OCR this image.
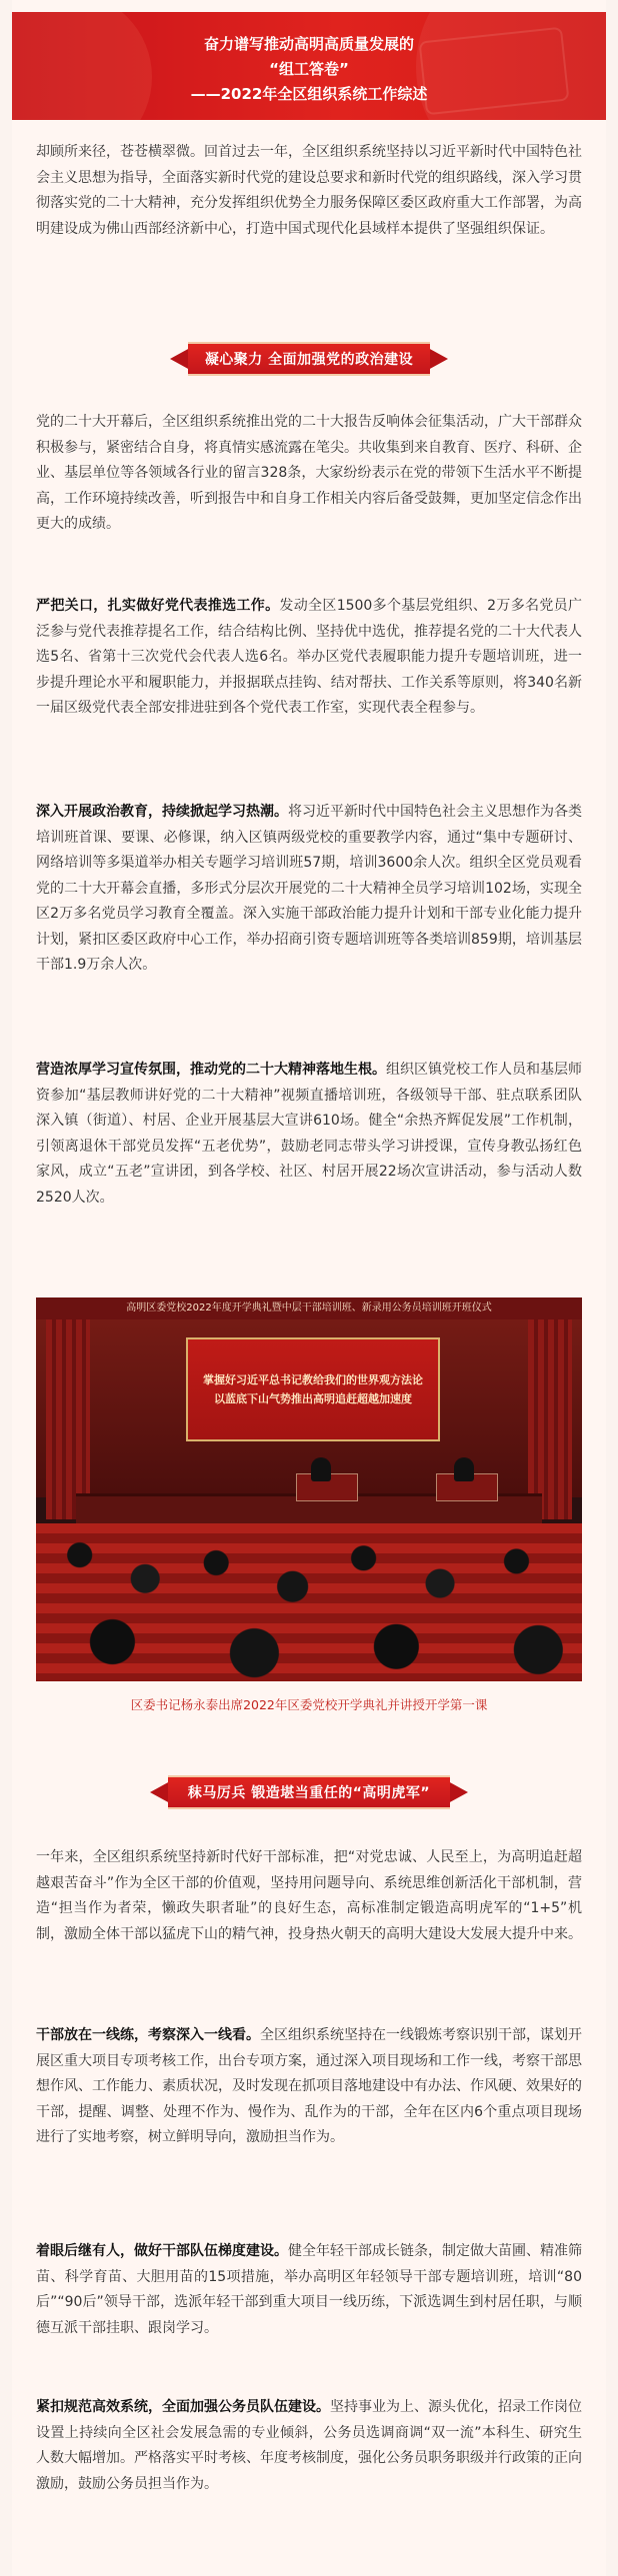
奋力谱写推动高明高质量发展的
“组工答卷”
——2022年全区组织系统工作综述

却顾所来径，苍苍横翠微。回首过去一年，全区组织系统坚持以习近平新时代中国特色社会主义思想为指导，全面落实新时代党的建设总要求和新时代党的组织路线，深入学习贯彻落实党的二十大精神，充分发挥组织优势全力服务保障区委区政府重大工作部署，为高明建设成为佛山西部经济新中心，打造中国式现代化县域样本提供了坚强组织保证。

凝心聚力 全面加强党的政治建设

党的二十大开幕后，全区组织系统推出党的二十大报告反响体会征集活动，广大干部群众积极参与，紧密结合自身，将真情实感流露在笔尖。共收集到来自教育、医疗、科研、企业、基层单位等各领域各行业的留言328条，大家纷纷表示在党的带领下生活水平不断提高，工作环境持续改善，听到报告中和自身工作相关内容后备受鼓舞，更加坚定信念作出更大的成绩。

严把关口，扎实做好党代表推选工作。发动全区1500多个基层党组织、2万多名党员广泛参与党代表推荐提名工作，结合结构比例、坚持优中选优，推荐提名党的二十大代表人选5名、省第十三次党代会代表人选6名。举办区党代表履职能力提升专题培训班，进一步提升理论水平和履职能力，并报据联点挂钩、结对帮扶、工作关系等原则，将340名新一届区级党代表全部安排进驻到各个党代表工作室，实现代表全程参与。

深入开展政治教育，持续掀起学习热潮。将习近平新时代中国特色社会主义思想作为各类培训班首课、要课、必修课，纳入区镇两级党校的重要教学内容，通过“集中专题研讨、网络培训等多渠道举办相关专题学习培训班57期，培训3600余人次。组织全区党员观看党的二十大开幕会直播，多形式分层次开展党的二十大精神全员学习培训102场，实现全区2万多名党员学习教育全覆盖。深入实施干部政治能力提升计划和干部专业化能力提升计划，紧扣区委区政府中心工作，举办招商引资专题培训班等各类培训859期，培训基层干部1.9万余人次。

营造浓厚学习宣传氛围，推动党的二十大精神落地生根。组织区镇党校工作人员和基层师资参加“基层教师讲好党的二十大精神”视频直播培训班，各级领导干部、驻点联系团队深入镇（街道）、村居、企业开展基层大宣讲610场。健全“余热齐辉促发展”工作机制，引领离退休干部党员发挥“五老优势”，鼓励老同志带头学习讲授课，宣传身教弘扬红色家风，成立“五老”宣讲团，到各学校、社区、村居开展22场次宣讲活动，参与活动人数2520人次。

高明区委党校2022年度开学典礼暨中层干部培训班、新录用公务员培训班开班仪式
掌握好习近平总书记教给我们的世界观方法论
以蓝底下山气势推出高明追赶超越加速度
区委书记杨永泰出席2022年区委党校开学典礼并讲授开学第一课
秣马厉兵 锻造堪当重任的“高明虎军”

一年来，全区组织系统坚持新时代好干部标准，把“对党忠诚、人民至上，为高明追赶超越艰苦奋斗”作为全区干部的价值观，坚持用问题导向、系统思维创新活化干部机制，营造“担当作为者荣，懒政失职者耻”的良好生态，高标准制定锻造高明虎军的“1+5”机制，激励全体干部以猛虎下山的精气神，投身热火朝天的高明大建设大发展大提升中来。

干部放在一线练，考察深入一线看。全区组织系统坚持在一线锻炼考察识别干部，谋划开展区重大项目专项考核工作，出台专项方案，通过深入项目现场和工作一线，考察干部思想作风、工作能力、素质状况，及时发现在抓项目落地建设中有办法、作风硬、效果好的干部，提醒、调整、处理不作为、慢作为、乱作为的干部，全年在区内6个重点项目现场进行了实地考察，树立鲜明导向，激励担当作为。

着眼后继有人，做好干部队伍梯度建设。健全年轻干部成长链条，制定做大苗圃、精准筛苗、科学育苗、大胆用苗的15项措施，举办高明区年轻领导干部专题培训班，培训“80后”“90后”领导干部，选派年轻干部到重大项目一线历练，下派选调生到村居任职，与顺德互派干部挂职、跟岗学习。

紧扣规范高效系统，全面加强公务员队伍建设。坚持事业为上、源头优化，招录工作岗位设置上持续向全区社会发展急需的专业倾斜，公务员选调商调“双一流”本科生、研究生人数大幅增加。严格落实平时考核、年度考核制度，强化公务员职务职级并行政策的正向激励，鼓励公务员担当作为。
